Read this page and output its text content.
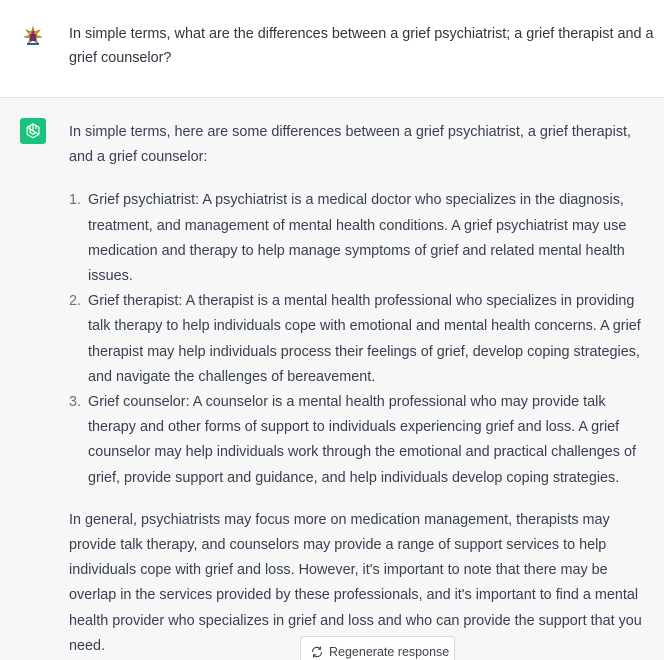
In simple terms, what are the differences between a grief psychiatrist; a grief therapist and a grief counselor?

In simple terms, here are some differences between a grief psychiatrist, a grief therapist, and a grief counselor:

1. Grief psychiatrist: A psychiatrist is a medical doctor who specializes in the diagnosis, treatment, and management of mental health conditions. A grief psychiatrist may use medication and therapy to help manage symptoms of grief and related mental health issues.
2. Grief therapist: A therapist is a mental health professional who specializes in providing talk therapy to help individuals cope with emotional and mental health concerns. A grief therapist may help individuals process their feelings of grief, develop coping strategies, and navigate the challenges of bereavement.
3. Grief counselor: A counselor is a mental health professional who may provide talk therapy and other forms of support to individuals experiencing grief and loss. A grief counselor may help individuals work through the emotional and practical challenges of grief, provide support and guidance, and help individuals develop coping strategies.

In general, psychiatrists may focus more on medication management, therapists may provide talk therapy, and counselors may provide a range of support services to help individuals cope with grief and loss. However, it's important to note that there may be overlap in the services provided by these professionals, and it's important to find a mental health provider who specializes in grief and loss and who can provide the support that you need.	Regenerate response
